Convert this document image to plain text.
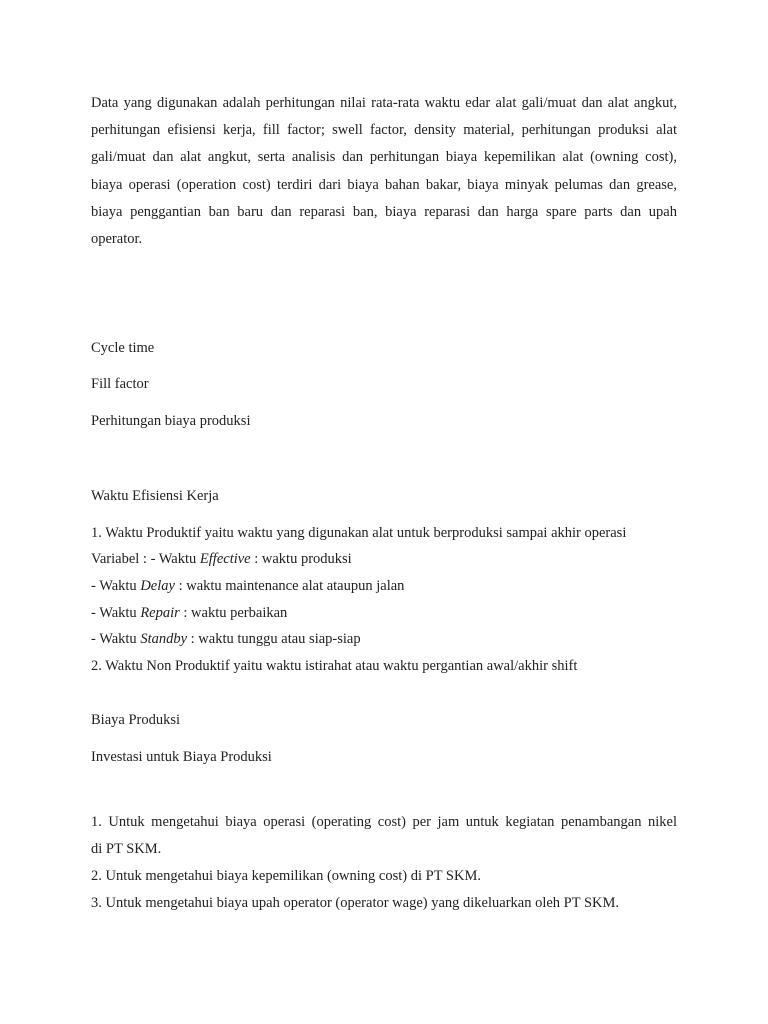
Data yang digunakan adalah perhitungan nilai rata-rata waktu edar alat gali/muat dan alat angkut,
perhitungan efisiensi kerja, fill factor; swell factor, density material, perhitungan produksi alat
gali/muat dan alat angkut, serta analisis dan perhitungan biaya kepemilikan alat (owning cost),
biaya operasi (operation cost) terdiri dari biaya bahan bakar, biaya minyak pelumas dan grease,
biaya penggantian ban baru dan reparasi ban, biaya reparasi dan harga spare parts dan upah
operator.
Cycle time
Fill factor
Perhitungan biaya produksi
Waktu Efisiensi Kerja
1. Waktu Produktif yaitu waktu yang digunakan alat untuk berproduksi sampai akhir operasi
Variabel : - Waktu Effective : waktu produksi
- Waktu Delay : waktu maintenance alat ataupun jalan
- Waktu Repair : waktu perbaikan
- Waktu Standby : waktu tunggu atau siap-siap
2. Waktu Non Produktif yaitu waktu istirahat atau waktu pergantian awal/akhir shift
Biaya Produksi
Investasi untuk Biaya Produksi
1. Untuk mengetahui biaya operasi (operating cost) per jam untuk kegiatan penambangan nikel
di PT SKM.
2. Untuk mengetahui biaya kepemilikan (owning cost) di PT SKM.
3. Untuk mengetahui biaya upah operator (operator wage) yang dikeluarkan oleh PT SKM.
